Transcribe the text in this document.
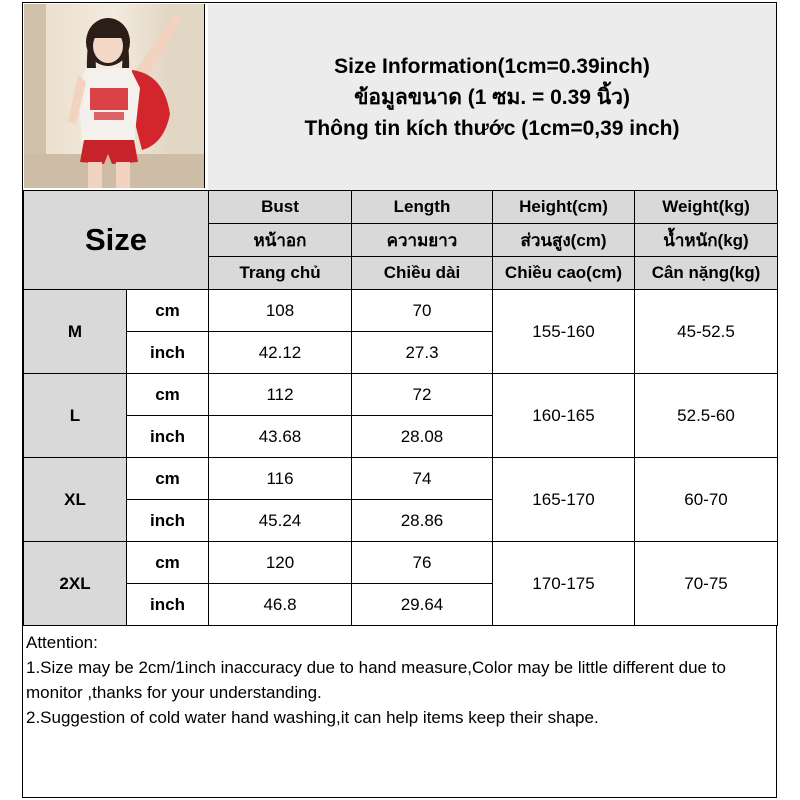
Size Information(1cm=0.39inch)
ข้อมูลขนาด (1 ซม. = 0.39 นิ้ว)
Thông tin kích thước (1cm=0,39 inch)
Size		Bust	Length	Height(cm)	Weight(kg)
		หน้าอก	ความยาว	ส่วนสูง(cm)	น้ำหนัก(kg)
		Trang chủ	Chiều dài	Chiều cao(cm)	Cân nặng(kg)
M	cm	108	70	155-160	45-52.5
	inch	42.12	27.3		
L	cm	112	72	160-165	52.5-60
	inch	43.68	28.08		
XL	cm	116	74	165-170	60-70
	inch	45.24	28.86		
2XL	cm	120	76	170-175	70-75
	inch	46.8	29.64		
Attention:
1.Size may be 2cm/1inch inaccuracy due to hand measure,Color may be little different due to monitor ,thanks for your understanding.
2.Suggestion of cold water hand washing,it can help items keep their shape.
